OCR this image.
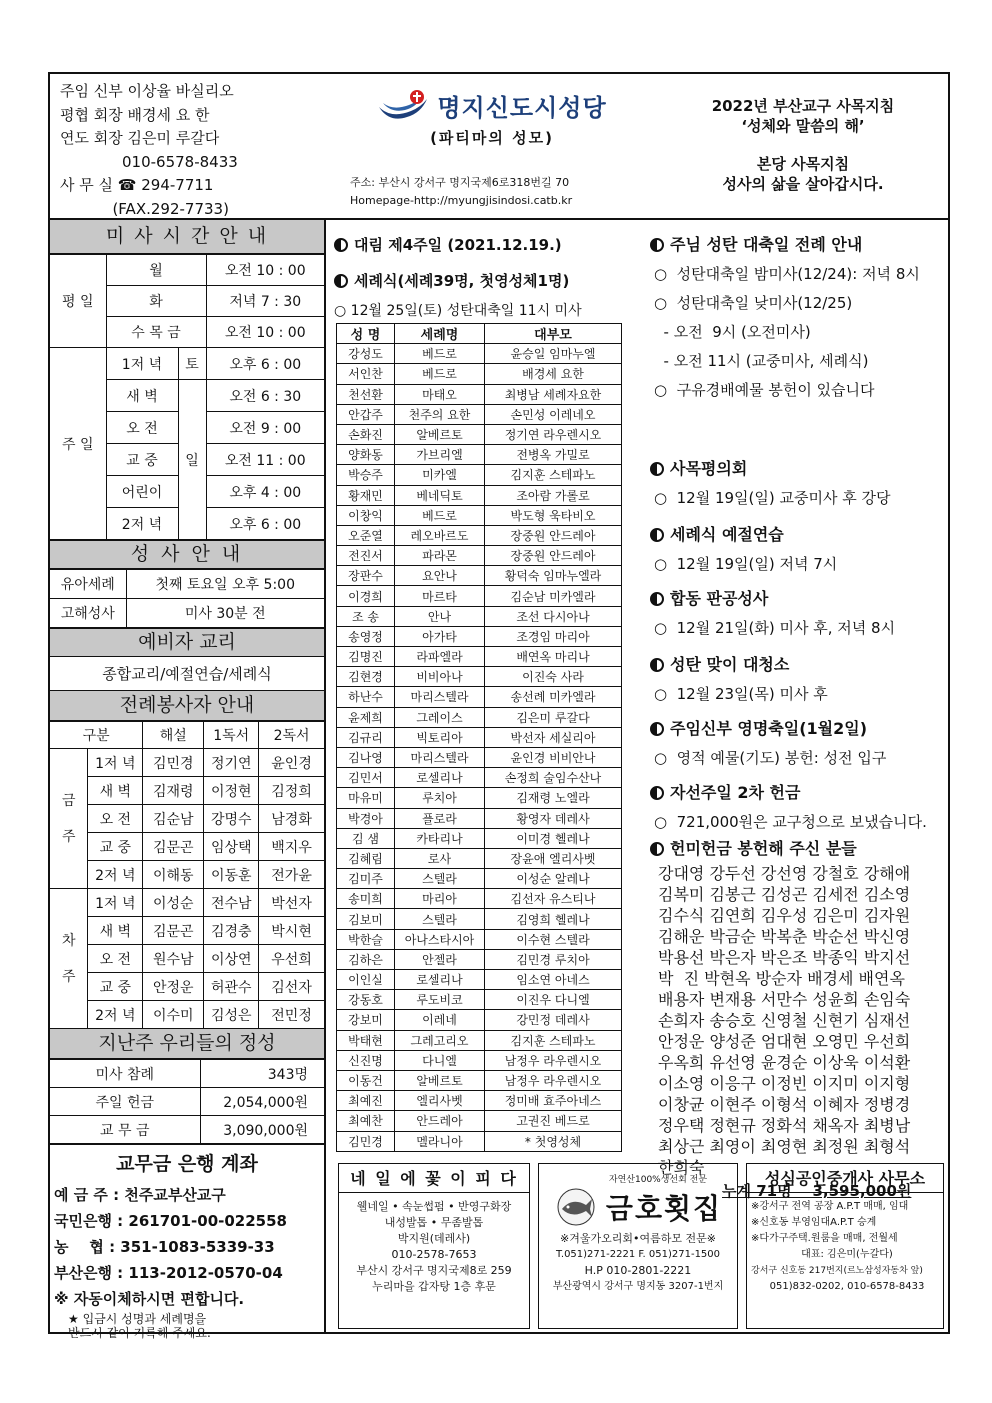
주임 신부 이상율 바실리오
평협 회장 배경세 요 한
연도 회장 김은미 루갈다
010-6578-8433
사 무 실 ☎ 294-7711
(FAX.292-7733)
명지신도시성당
(파티마의 성모)
주소: 부산시 강서구 명지국제6로318번길 70
Homepage-http://myungjisindosi.catb.kr
2022년 부산교구 사목지침
‘성체와 말씀의 해’
본당 사목지침
성사의 삶을 살아갑시다.
미 사 시 간 안 내
평 일	월		오전 10 : 00
	화		저녁 7 : 30
	수 목 금		오전 10 : 00
주 일	1저 녁	토	오후 6 : 00
	새 벽	일	오전 6 : 30
	오 전		오전 9 : 00
	교 중		오전 11 : 00
	어린이		오후 4 : 00
	2저 녁		오후 6 : 00
성 사 안 내
유아세례	첫째 토요일 오후 5:00
고해성사	미사 30분 전
예비자 교리
종합교리/예절연습/세례식
전례봉사자 안내
구분		해설	1독서	2독서
금

주	1저 녁	김민경	정기연	윤인경
	새 벽	김재령	이정현	김정희
	오 전	김순남	강명수	남경화
	교 중	김문곤	임상택	백지우
	2저 녁	이해동	이동훈	전가윤
차

주	1저 녁	이성순	전수남	박선자
	새 벽	김문곤	김경충	박시현
	오 전	원수남	이상연	우선희
	교 중	안정운	허관수	김선자
	2저 녁	이수미	김성은	전민정
지난주 우리들의 정성
미사 참례	343명
주일 헌금	2,054,000원
교 무 금	3,090,000원
교무금 은행 계좌
예 금 주 : 천주교부산교구
국민은행 : 261701-00-022558
농    협 : 351-1083-5339-33
부산은행 : 113-2012-0570-04
※ 자동이체하시면 편합니다.
★ 입금시 성명과 세례명을
반드시 같이 기록해 주세요.
대림 제4주일 (2021.12.19.)
세례식(세례39명, 첫영성체1명)
○ 12월 25일(토) 성탄대축일 11시 미사
성 명	세례명	대부모
강성도	베드로	윤승일 임마누엘
서인찬	베드로	배경세 요한
천선환	마태오	최병남 세례자요한
안갑주	천주의 요한	손민성 이레네오
손화진	알베르토	정기연 라우렌시오
양화동	가브리엘	전병옥 가밀로
박승주	미카엘	김지훈 스테파노
황재민	베네딕토	조아람 가롤로
이창익	베드로	박도형 욱타비오
오준열	레오바르도	장중원 안드레아
전진서	파라몬	장중원 안드레아
장판수	요안나	황덕숙 임마누엘라
이경희	마르타	김순남 미카엘라
조 송	안나	조선 다시아나
송영정	아가타	조경임 마리아
김명진	라파엘라	배연옥 마리나
김현경	비비아나	이진숙 사라
하난수	마리스텔라	송선례 미카엘라
윤제희	그레이스	김은미 루갈다
김규리	빅토리아	박선자 세실리아
김나영	마리스텔라	윤인경 비비안나
김민서	로셀리나	손정희 술임수산나
마유미	루치아	김재령 노엘라
박경아	플로라	황영자 데레사
김 샘	카타리나	이미경 헬레나
김혜림	로사	장윤애 엘리사벳
김미주	스텔라	이성순 알레나
송미희	마리아	김선자 유스티나
김보미	스텔라	김영희 헬레나
박한슬	아나스타시아	이수현 스텔라
김하은	안젤라	김민경 루치아
이인실	로셀리나	임소연 아네스
강동호	루도비코	이진우 다니엘
강보미	이레네	강민정 데레사
박태현	그레고리오	김지훈 스테파노
신진명	다니엘	남정우 라우렌시오
이동건	알베르토	남정우 라우렌시오
최예진	엘리사벳	정미배 효주아네스
최예찬	안드레아	고권진 베드로
김민경	멜라니아	* 첫영성체
주님 성탄 대축일 전례 안내
○  성탄대축일 밤미사(12/24): 저녁 8시
○  성탄대축일 낮미사(12/25)
- 오전  9시 (오전미사)
- 오전 11시 (교중미사, 세례식)
○  구유경배예물 봉헌이 있습니다
사목평의회
○  12월 19일(일) 교중미사 후 강당
세례식 예절연습
○  12월 19일(일) 저녁 7시
합동 판공성사
○  12월 21일(화) 미사 후, 저녁 8시
성탄 맞이 대청소
○  12월 23일(목) 미사 후
주임신부 영명축일(1월2일)
○  영적 예물(기도) 봉헌: 성전 입구
자선주일 2차 헌금
○  721,000원은 교구청으로 보냈습니다.
헌미헌금 봉헌해 주신 분들
강대영 강두선 강선영 강철호 강해애
김복미 김봉근 김성곤 김세전 김소영
김수식 김연희 김우성 김은미 김자원
김해운 박금순 박복춘 박순선 박신영
박용선 박은자 박은조 박종익 박지선
박  진 박현옥 방순자 배경세 배연옥
배용자 변재용 서만수 성윤희 손임숙
손희자 송승호 신영철 신현기 심재선
안정운 양성준 엄대현 오영민 우선희
우옥희 유선영 윤경순 이상욱 이석환
이소영 이응구 이정빈 이지미 이지형
이창균 이현주 이형석 이혜자 정병경
정우택 정현규 정화석 채옥자 최병남
최상근 최영이 최영현 최정원 최형석
한희숙
누계 71명    3,595,000원
네 일 에 꽃 이 피 다
웰네일 • 속눈썹펌 • 반영구화장
내성발톱 • 무좀발톱
박지원(데레사)
010-2578-7653
부산시 강서구 명지국제8로 259
누리마을 갑자탕 1층 후문
자연산100%생선회 전문
금호횟집
※겨울가오리회•여름하모 전문※
T.051)271-2221 F. 051)271-1500
H.P 010-2801-2221
부산광역시 강서구 명지동 3207-1번지
성심공인중개사 사무소
※강서구 전역 공장 A.P.T 매매, 임대
※신호동 부영임대A.P.T 승계
※다가구주택.원룸을 매매, 전월세
대표: 김은미(누갈다)
강서구 신호동 217번지(르노삼성자동차 앞)
051)832-0202, 010-6578-8433
